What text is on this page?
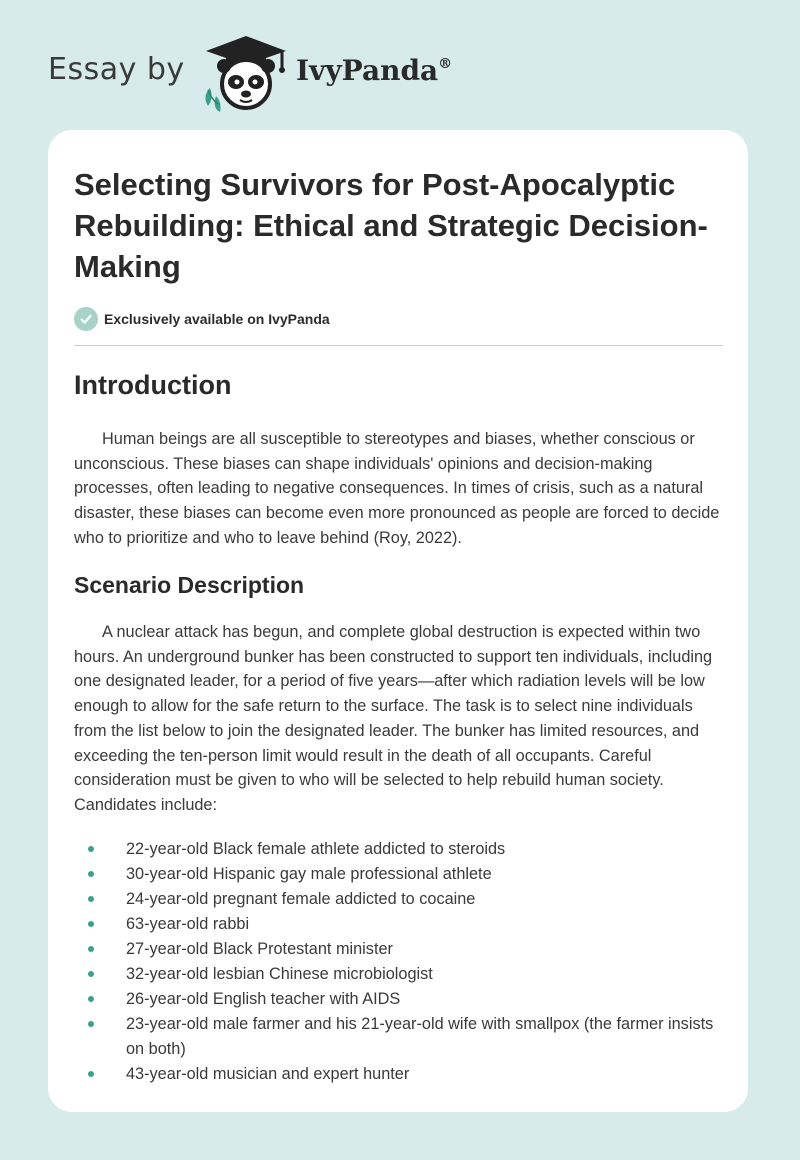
Essay by	IvyPanda®
Selecting Survivors for Post-Apocalyptic Rebuilding: Ethical and Strategic Decision-Making
Exclusively available on IvyPanda
Introduction

Human beings are all susceptible to stereotypes and biases, whether conscious or unconscious. These biases can shape individuals' opinions and decision-making processes, often leading to negative consequences. In times of crisis, such as a natural disaster, these biases can become even more pronounced as people are forced to decide who to prioritize and who to leave behind (Roy, 2022).

Scenario Description

A nuclear attack has begun, and complete global destruction is expected within two hours. An underground bunker has been constructed to support ten individuals, including one designated leader, for a period of five years—after which radiation levels will be low enough to allow for the safe return to the surface. The task is to select nine individuals from the list below to join the designated leader. The bunker has limited resources, and exceeding the ten-person limit would result in the death of all occupants. Careful consideration must be given to who will be selected to help rebuild human society. Candidates include:

22-year-old Black female athlete addicted to steroids
30-year-old Hispanic gay male professional athlete
24-year-old pregnant female addicted to cocaine
63-year-old rabbi
27-year-old Black Protestant minister
32-year-old lesbian Chinese microbiologist
26-year-old English teacher with AIDS
23-year-old male farmer and his 21-year-old wife with smallpox (the farmer insists on both)
43-year-old musician and expert hunter
